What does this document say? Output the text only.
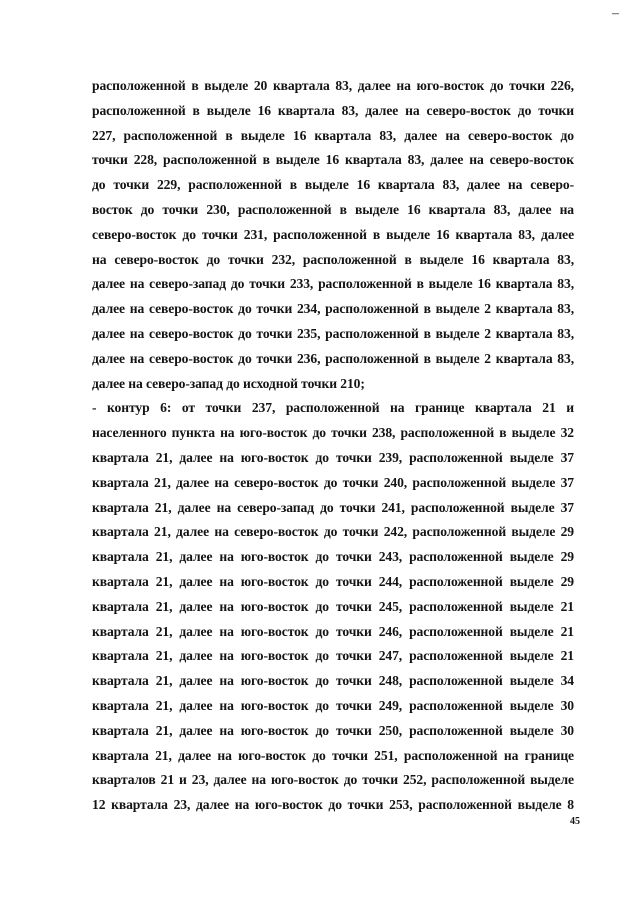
–
расположенной в выделе 20 квартала 83, далее на юго-восток до точки 226,
расположенной в выделе 16 квартала 83, далее на северо-восток до точки
227, расположенной в выделе 16 квартала 83, далее на северо-восток до
точки 228, расположенной в выделе 16 квартала 83, далее на северо-восток
до точки 229, расположенной в выделе 16 квартала 83, далее на северо-
восток до точки 230, расположенной в выделе 16 квартала 83, далее на
северо-восток до точки 231, расположенной в выделе 16 квартала 83, далее
на северо-восток до точки 232, расположенной в выделе 16 квартала 83,
далее на северо-запад до точки 233, расположенной в выделе 16 квартала 83,
далее на северо-восток до точки 234, расположенной в выделе 2 квартала 83,
далее на северо-восток до точки 235, расположенной в выделе 2 квартала 83,
далее на северо-восток до точки 236, расположенной в выделе 2 квартала 83,
далее на северо-запад до исходной точки 210;
- контур 6: от точки 237, расположенной на границе квартала 21 и
населенного пункта на юго-восток до точки 238, расположенной в выделе 32
квартала 21, далее на юго-восток до точки 239, расположенной выделе 37
квартала 21, далее на северо-восток до точки 240, расположенной выделе 37
квартала 21, далее на северо-запад до точки 241, расположенной выделе 37
квартала 21, далее на северо-восток до точки 242, расположенной выделе 29
квартала 21, далее на юго-восток до точки 243, расположенной выделе 29
квартала 21, далее на юго-восток до точки 244, расположенной выделе 29
квартала 21, далее на юго-восток до точки 245, расположенной выделе 21
квартала 21, далее на юго-восток до точки 246, расположенной выделе 21
квартала 21, далее на юго-восток до точки 247, расположенной выделе 21
квартала 21, далее на юго-восток до точки 248, расположенной выделе 34
квартала 21, далее на юго-восток до точки 249, расположенной выделе 30
квартала 21, далее на юго-восток до точки 250, расположенной выделе 30
квартала 21, далее на юго-восток до точки 251, расположенной на границе
кварталов 21 и 23, далее на юго-восток до точки 252, расположенной выделе
12 квартала 23, далее на юго-восток до точки 253, расположенной выделе 8
45
